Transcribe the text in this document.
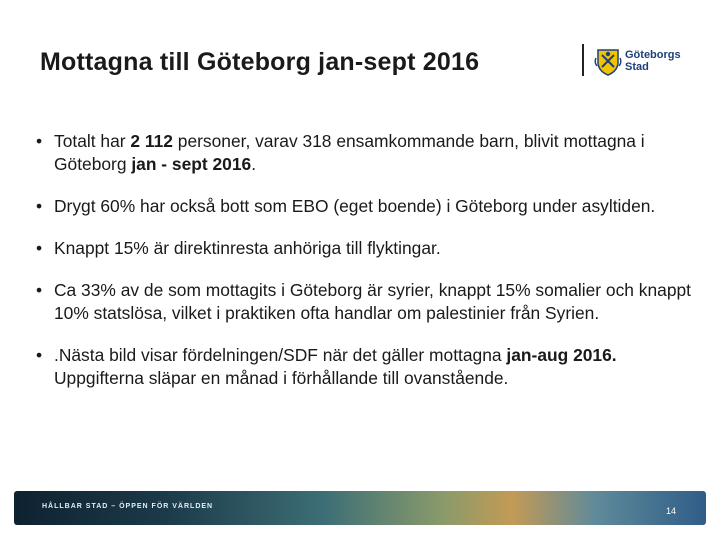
Mottagna till Göteborg jan-sept 2016	Göteborgs
Stad
• Totalt har 2 112 personer, varav 318 ensamkommande barn, blivit mottagna i Göteborg jan - sept 2016.
• Drygt 60% har också bott som EBO (eget boende) i Göteborg under asyltiden.
• Knappt 15% är direktinresta anhöriga till flyktingar.
• Ca 33% av de som mottagits i Göteborg är syrier, knappt 15% somalier och knappt 10% statslösa, vilket i praktiken ofta handlar om palestinier från Syrien.
• .Nästa bild visar fördelningen/SDF när det gäller mottagna jan-aug 2016. Uppgifterna släpar en månad i förhållande till ovanstående.
HÅLLBAR STAD – ÖPPEN FÖR VÄRLDEN	14
